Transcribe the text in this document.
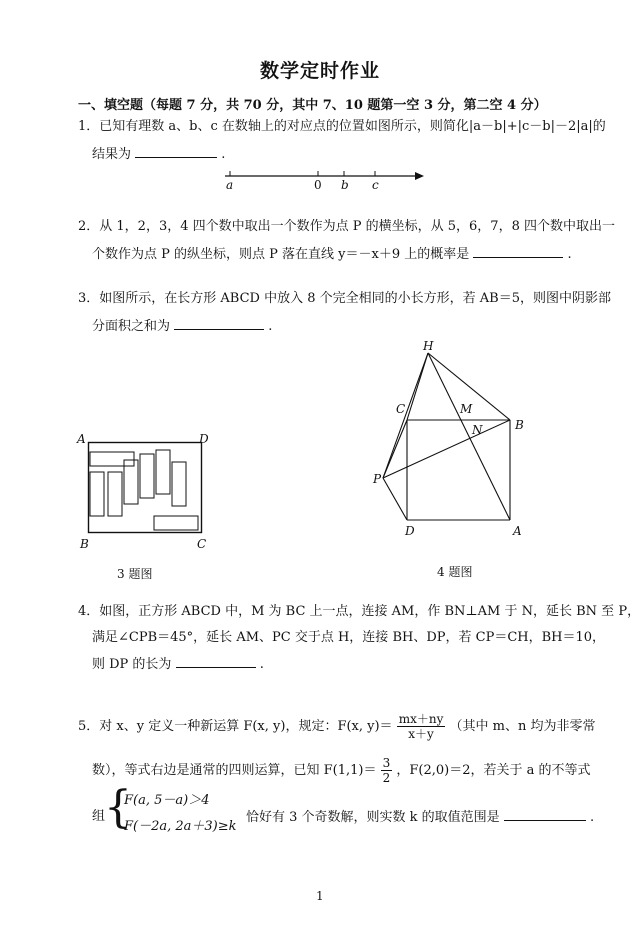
数学定时作业
一、填空题（每题 7 分，共 70 分，其中 7、10 题第一空 3 分，第二空 4 分）
1．已知有理数 a、b、c 在数轴上的对应点的位置如图所示，则简化|a－b|+|c－b|－2|a|的
结果为	.
a	0 b c
2．从 1，2，3，4 四个数中取出一个数作为点 P 的横坐标，从 5，6，7，8 四个数中取出一
个数作为点 P 的纵坐标，则点 P 落在直线 y＝－x＋9 上的概率是	.
3．如图所示，在长方形 ABCD 中放入 8 个完全相同的小长方形，若 AB＝5，则图中阴影部
分面积之和为	.
A	D
B	C
3 题图
H
C	M
N	B
P
D	A
4 题图
4．如图，正方形 ABCD 中，M 为 BC 上一点，连接 AM，作 BN⊥AM 于 N，延长 BN 至 P，
满足∠CPB＝45°，延长 AM、PC 交于点 H，连接 BH、DP，若 CP＝CH，BH＝10，
则 DP 的长为	.
5．对 x、y 定义一种新运算 F(x, y)，规定：F(x, $y)= \frac{mx+ny}{x+y}$ （其中 m、n 均为非零常
数），等式右边是通常的四则运算，已知 $F(1,1)= \frac{3}{2}$ ，F(2,0)＝2，若关于 a 的不等式
组
{
F(a, 5－a)＞4
F(－2a, 2a＋3)≥k
恰好有 3 个奇数解，则实数 k 的取值范围是	.
1
